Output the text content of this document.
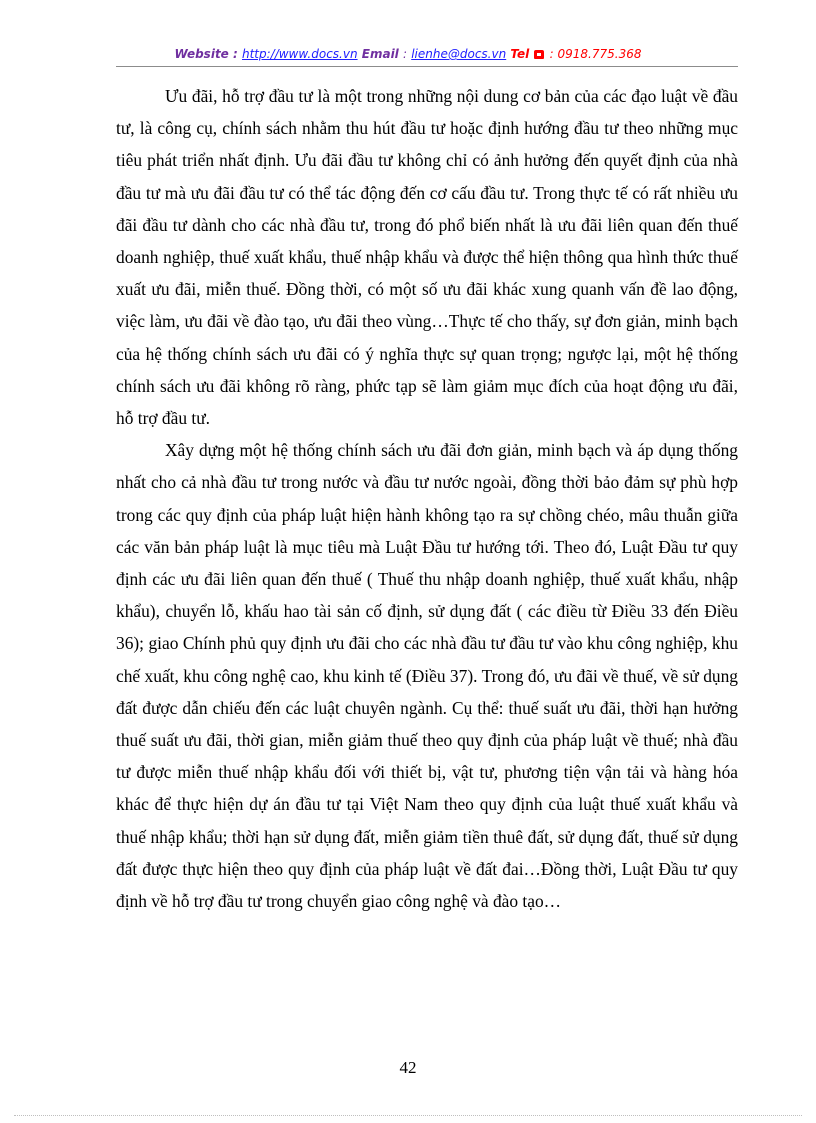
Website : http://www.docs.vn Email : lienhe@docs.vn Tel : 0918.775.368

Ưu đãi, hỗ trợ đầu tư là một trong những nội dung cơ bản của các đạo luật về đầu tư, là công cụ, chính sách nhằm thu hút đầu tư hoặc định hướng đầu tư theo những mục tiêu phát triển nhất định. Ưu đãi đầu tư không chỉ có ảnh hưởng đến quyết định của nhà đầu tư mà ưu đãi đầu tư có thể tác động đến cơ cấu đầu tư. Trong thực tế có rất nhiều ưu đãi đầu tư dành cho các nhà đầu tư, trong đó phổ biến nhất là ưu đãi liên quan đến thuế doanh nghiệp, thuế xuất khẩu, thuế nhập khẩu và được thể hiện thông qua hình thức thuế xuất ưu đãi, miễn thuế. Đồng thời, có một số ưu đãi khác xung quanh vấn đề lao động, việc làm, ưu đãi về đào tạo, ưu đãi theo vùng…Thực tế cho thấy, sự đơn giản, minh bạch của hệ thống chính sách ưu đãi có ý nghĩa thực sự quan trọng; ngược lại, một hệ thống chính sách ưu đãi không rõ ràng, phức tạp sẽ làm giảm mục đích của hoạt động ưu đãi, hỗ trợ đầu tư.

Xây dựng một hệ thống chính sách ưu đãi đơn giản, minh bạch và áp dụng thống nhất cho cả nhà đầu tư trong nước và đầu tư nước ngoài, đồng thời bảo đảm sự phù hợp trong các quy định của pháp luật hiện hành không tạo ra sự chồng chéo, mâu thuẫn giữa các văn bản pháp luật là mục tiêu mà Luật Đầu tư hướng tới. Theo đó, Luật Đầu tư quy định các ưu đãi liên quan đến thuế ( Thuế thu nhập doanh nghiệp, thuế xuất khẩu, nhập khẩu), chuyển lỗ, khấu hao tài sản cố định, sử dụng đất ( các điều từ Điều 33 đến Điều 36); giao Chính phủ quy định ưu đãi cho các nhà đầu tư đầu tư vào khu công nghiệp, khu chế xuất, khu công nghệ cao, khu kinh tế (Điều 37). Trong đó, ưu đãi về thuế, về sử dụng đất được dẫn chiếu đến các luật chuyên ngành. Cụ thể: thuế suất ưu đãi, thời hạn hưởng thuế suất ưu đãi, thời gian, miễn giảm thuế theo quy định của pháp luật về thuế; nhà đầu tư được miễn thuế nhập khẩu đối với thiết bị, vật tư, phương tiện vận tải và hàng hóa khác để thực hiện dự án đầu tư tại Việt Nam theo quy định của luật thuế xuất khẩu và thuế nhập khẩu; thời hạn sử dụng đất, miễn giảm tiền thuê đất, sử dụng đất, thuế sử dụng đất được thực hiện theo quy định của pháp luật về đất đai…Đồng thời, Luật Đầu tư quy định về hỗ trợ đầu tư trong chuyển giao công nghệ và đào tạo…

42
